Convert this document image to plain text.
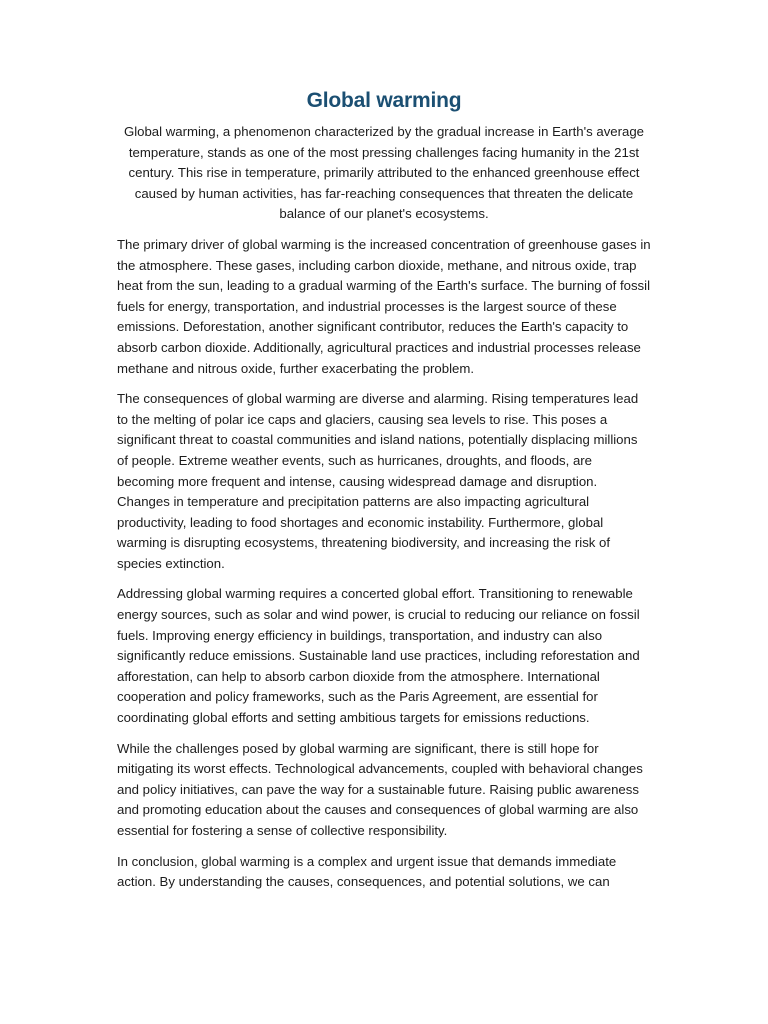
Global warming

Global warming, a phenomenon characterized by the gradual increase in Earth's average temperature, stands as one of the most pressing challenges facing humanity in the 21st century. This rise in temperature, primarily attributed to the enhanced greenhouse effect caused by human activities, has far-reaching consequences that threaten the delicate balance of our planet's ecosystems.

The primary driver of global warming is the increased concentration of greenhouse gases in the atmosphere. These gases, including carbon dioxide, methane, and nitrous oxide, trap heat from the sun, leading to a gradual warming of the Earth's surface. The burning of fossil fuels for energy, transportation, and industrial processes is the largest source of these emissions. Deforestation, another significant contributor, reduces the Earth's capacity to absorb carbon dioxide. Additionally, agricultural practices and industrial processes release methane and nitrous oxide, further exacerbating the problem.

The consequences of global warming are diverse and alarming. Rising temperatures lead to the melting of polar ice caps and glaciers, causing sea levels to rise. This poses a significant threat to coastal communities and island nations, potentially displacing millions of people. Extreme weather events, such as hurricanes, droughts, and floods, are becoming more frequent and intense, causing widespread damage and disruption. Changes in temperature and precipitation patterns are also impacting agricultural productivity, leading to food shortages and economic instability. Furthermore, global warming is disrupting ecosystems, threatening biodiversity, and increasing the risk of species extinction.

Addressing global warming requires a concerted global effort. Transitioning to renewable energy sources, such as solar and wind power, is crucial to reducing our reliance on fossil fuels. Improving energy efficiency in buildings, transportation, and industry can also significantly reduce emissions. Sustainable land use practices, including reforestation and afforestation, can help to absorb carbon dioxide from the atmosphere. International cooperation and policy frameworks, such as the Paris Agreement, are essential for coordinating global efforts and setting ambitious targets for emissions reductions.

While the challenges posed by global warming are significant, there is still hope for mitigating its worst effects. Technological advancements, coupled with behavioral changes and policy initiatives, can pave the way for a sustainable future. Raising public awareness and promoting education about the causes and consequences of global warming are also essential for fostering a sense of collective responsibility.

In conclusion, global warming is a complex and urgent issue that demands immediate action. By understanding the causes, consequences, and potential solutions, we can
